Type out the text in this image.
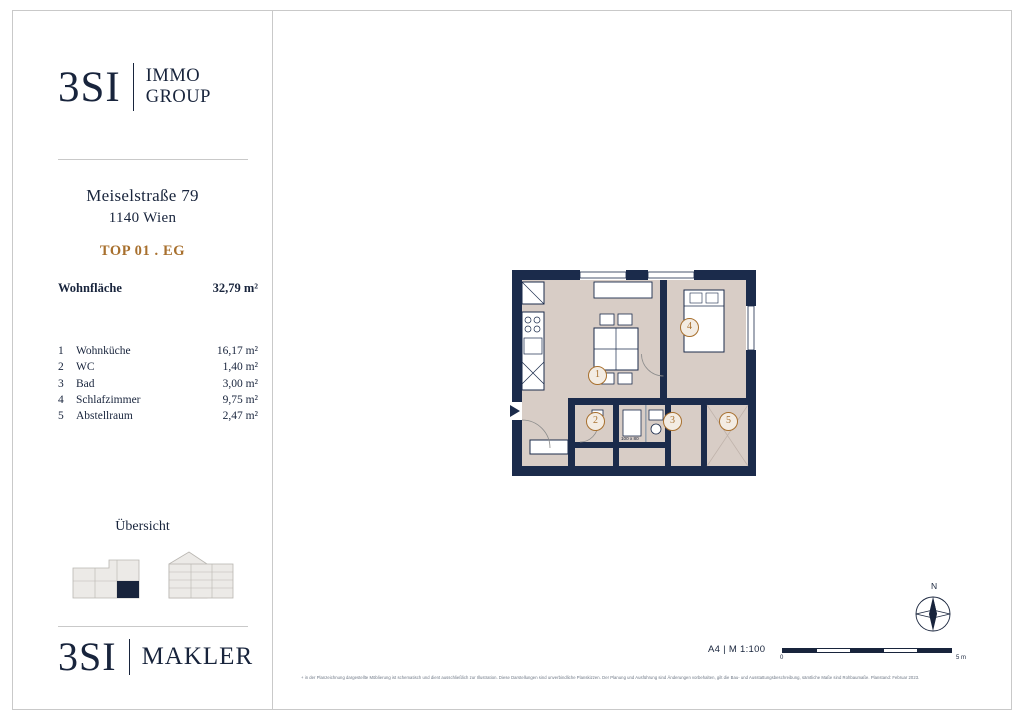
3SI IMMO
GROUP
Meiselstraße 79
1140 Wien
TOP 01 . EG
Wohnfläche	32,79 m²
1	Wohnküche	16,17 m²
2	WC	1,40 m²
3	Bad	3,00 m²
4	Schlafzimmer	9,75 m²
5	Abstellraum	2,47 m²
Übersicht
3SI MAKLER
100 x 80
1
2	3
4
5
A4 | M 1:100
0	5 m
N
+ in der Planzeichnung dargestellte Möblierung ist schematisch und dient ausschließlich zur Illustration. Diese Darstellungen sind unverbindliche Planskizzen. Der Planung und Ausführung sind Änderungen vorbehalten, gilt die Bau- und Ausstattungsbeschreibung, sämtliche Maße sind Rohbaumaße. Planstand: Februar 2023.
